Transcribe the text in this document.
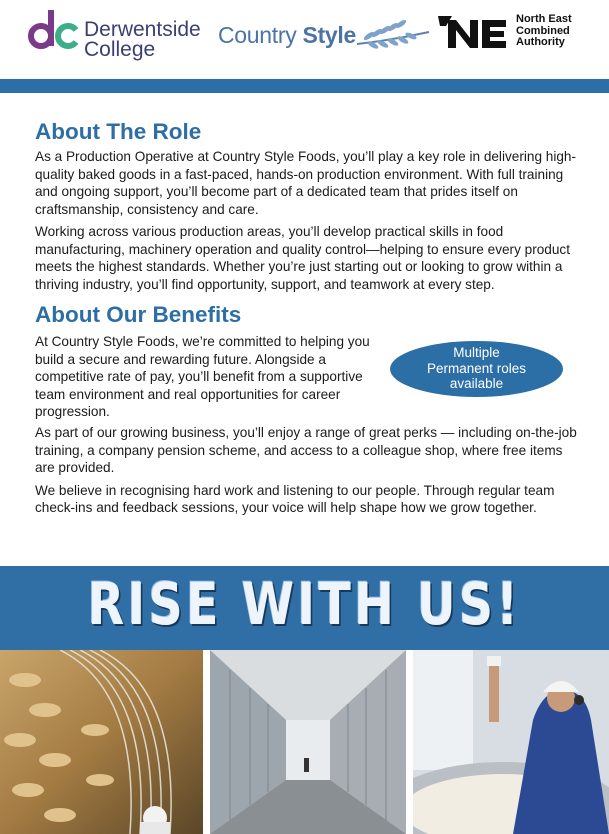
Derwentside
College
Country Style
North East
Combined
Authority
About The Role

As a Production Operative at Country Style Foods, you’ll play a key role in delivering high-quality baked goods in a fast-paced, hands-on production environment. With full training and ongoing support, you’ll become part of a dedicated team that prides itself on craftsmanship, consistency and care.

Working across various production areas, you’ll develop practical skills in food manufacturing, machinery operation and quality control—helping to ensure every product meets the highest standards. Whether you’re just starting out or looking to grow within a thriving industry, you’ll find opportunity, support, and teamwork at every step.

About Our Benefits

At Country Style Foods, we’re committed to helping you build a secure and rewarding future. Alongside a competitive rate of pay, you’ll benefit from a supportive team environment and real opportunities for career progression.

Multiple
Permanent roles
available

As part of our growing business, you’ll enjoy a range of great perks — including on-the-job training, a company pension scheme, and access to a colleague shop, where free items are provided.

We believe in recognising hard work and listening to our people. Through regular team check-ins and feedback sessions, your voice will help shape how we grow together.

RISE WITH US!
